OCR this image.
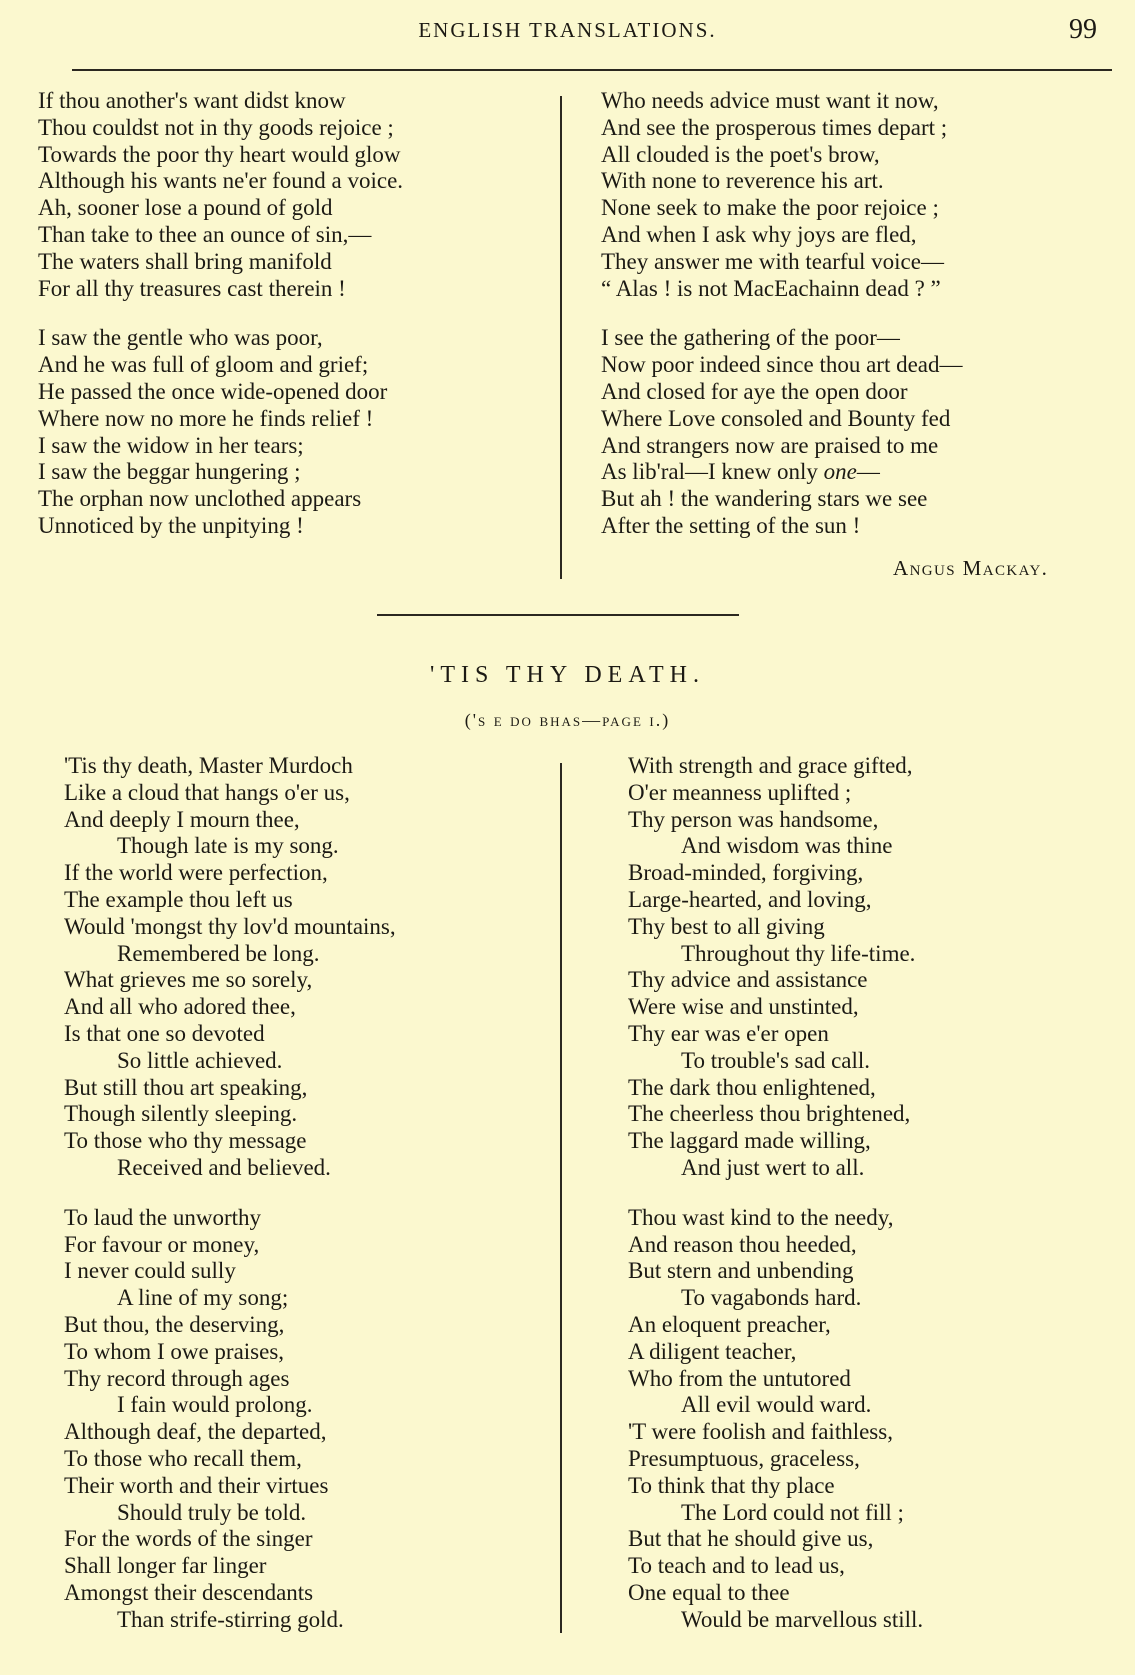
ENGLISH TRANSLATIONS.	99
If thou another's want didst know
Thou couldst not in thy goods rejoice ;
Towards the poor thy heart would glow
Although his wants ne'er found a voice.
Ah, sooner lose a pound of gold
Than take to thee an ounce of sin,—
The waters shall bring manifold
For all thy treasures cast therein !
I saw the gentle who was poor,
And he was full of gloom and grief;
He passed the once wide-opened door
Where now no more he finds relief !
I saw the widow in her tears;
I saw the beggar hungering ;
The orphan now unclothed appears
Unnoticed by the unpitying !
Who needs advice must want it now,
And see the prosperous times depart ;
All clouded is the poet's brow,
With none to reverence his art.
None seek to make the poor rejoice ;
And when I ask why joys are fled,
They answer me with tearful voice—
“ Alas ! is not MacEachainn dead ? ”
I see the gathering of the poor—
Now poor indeed since thou art dead—
And closed for aye the open door
Where Love consoled and Bounty fed
And strangers now are praised to me
As lib'ral—I knew only one—
But ah ! the wandering stars we see
After the setting of the sun !
Angus Mackay.
'TIS THY DEATH.
('s e do bhas—page i.)
'Tis thy death, Master Murdoch
Like a cloud that hangs o'er us,
And deeply I mourn thee,
Though late is my song.
If the world were perfection,
The example thou left us
Would 'mongst thy lov'd mountains,
Remembered be long.
What grieves me so sorely,
And all who adored thee,
Is that one so devoted
So little achieved.
But still thou art speaking,
Though silently sleeping.
To those who thy message
Received and believed.
To laud the unworthy
For favour or money,
I never could sully
A line of my song;
But thou, the deserving,
To whom I owe praises,
Thy record through ages
I fain would prolong.
Although deaf, the departed,
To those who recall them,
Their worth and their virtues
Should truly be told.
For the words of the singer
Shall longer far linger
Amongst their descendants
Than strife-stirring gold.
With strength and grace gifted,
O'er meanness uplifted ;
Thy person was handsome,
And wisdom was thine
Broad-minded, forgiving,
Large-hearted, and loving,
Thy best to all giving
Throughout thy life-time.
Thy advice and assistance
Were wise and unstinted,
Thy ear was e'er open
To trouble's sad call.
The dark thou enlightened,
The cheerless thou brightened,
The laggard made willing,
And just wert to all.
Thou wast kind to the needy,
And reason thou heeded,
But stern and unbending
To vagabonds hard.
An eloquent preacher,
A diligent teacher,
Who from the untutored
All evil would ward.
'T were foolish and faithless,
Presumptuous, graceless,
To think that thy place
The Lord could not fill ;
But that he should give us,
To teach and to lead us,
One equal to thee
Would be marvellous still.
